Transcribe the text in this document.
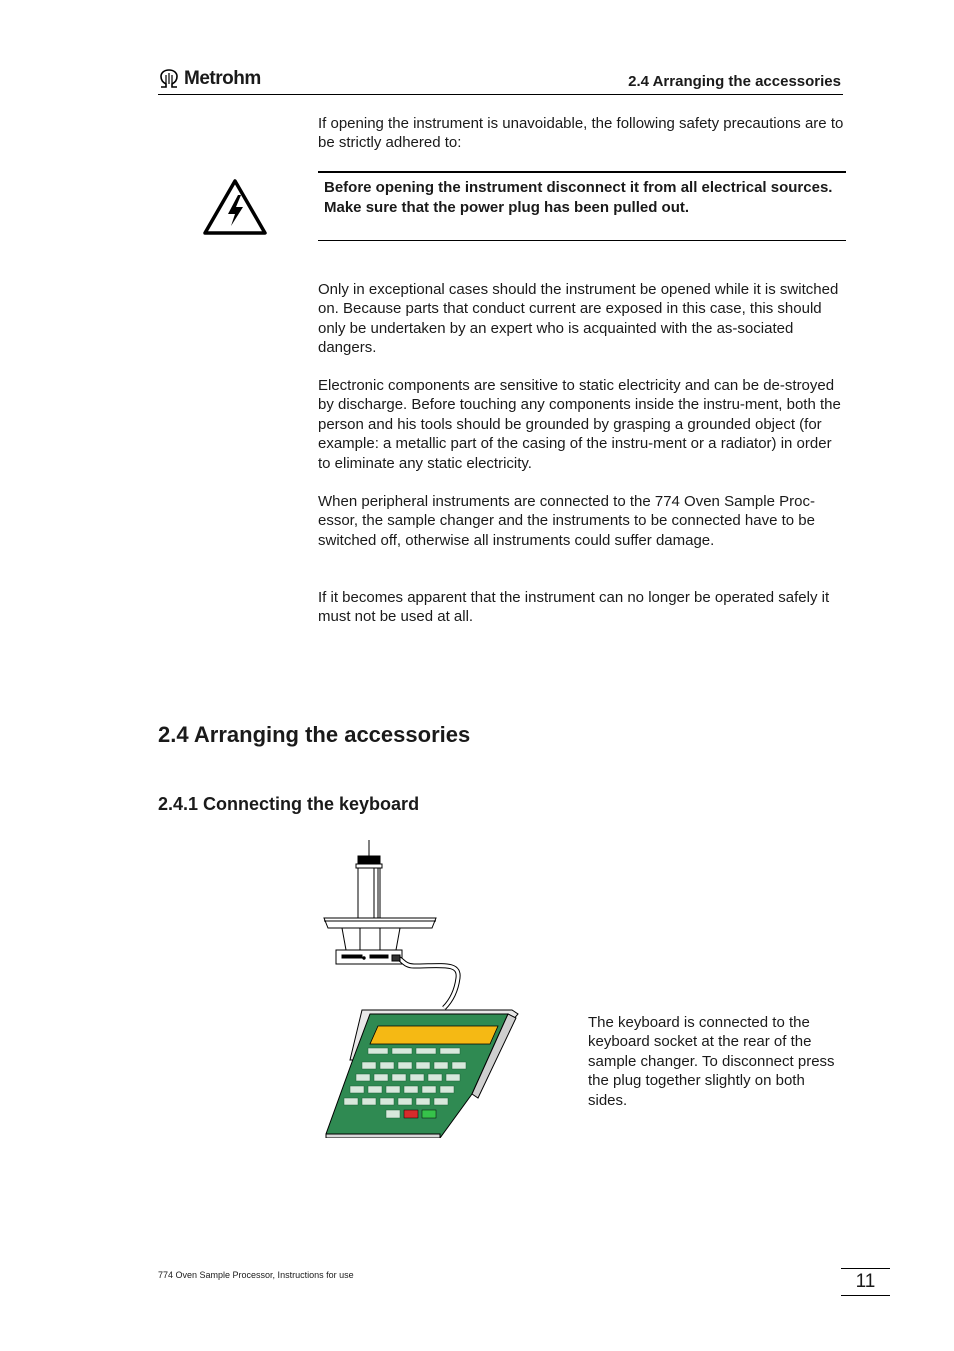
Metrohm	2.4 Arranging the accessories
If opening the instrument is unavoidable, the following safety precautions are to be strictly adhered to:
Before opening the instrument disconnect it from all electrical sources. Make sure that the power plug has been pulled out.
Only in exceptional cases should the instrument be opened while it is switched on. Because parts that conduct current are exposed in this case, this should only be undertaken by an expert who is acquainted with the as-sociated dangers.
Electronic components are sensitive to static electricity and can be de-stroyed by discharge. Before touching any components inside the instru-ment, both the person and his tools should be grounded by grasping a grounded object (for example: a metallic part of the casing of the instru-ment or a radiator) in order to eliminate any static electricity.
When peripheral instruments are connected to the 774 Oven Sample Proc-essor, the sample changer and the instruments to be connected have to be switched off, otherwise all instruments could suffer damage.
If it becomes apparent that the instrument can no longer be operated safely it must not be used at all.
2.4 Arranging the accessories
2.4.1 Connecting the keyboard
The keyboard is connected to the keyboard socket at the rear of the sample changer. To disconnect press the plug together slightly on both sides.
774 Oven Sample Processor, Instructions for use	11
